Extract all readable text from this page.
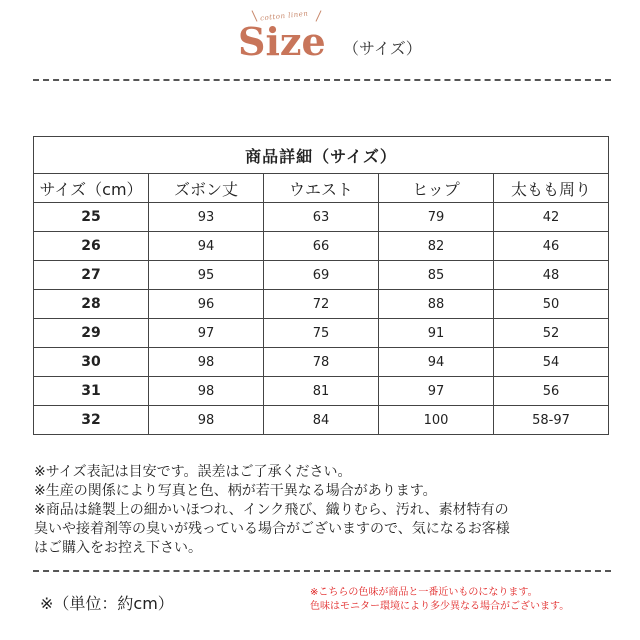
cotton linen
Size （サイズ）
商品詳細（サイズ）				
サイズ（cm）	ズボン丈	ウエスト	ヒップ	太もも周り
25	93	63	79	42
26	94	66	82	46
27	95	69	85	48
28	96	72	88	50
29	97	75	91	52
30	98	78	94	54
31	98	81	97	56
32	98	84	100	58-97

※サイズ表記は目安です。誤差はご了承ください。

※生産の関係により写真と色、柄が若干異なる場合があります。

※商品は縫製上の細かいほつれ、インク飛び、織りむら、汚れ、素材特有の

臭いや接着剤等の臭いが残っている場合がございますので、気になるお客様

はご購入をお控え下さい。

※（単位：約cm）

※こちらの色味が商品と一番近いものになります。

色味はモニター環境により多少異なる場合がございます。
